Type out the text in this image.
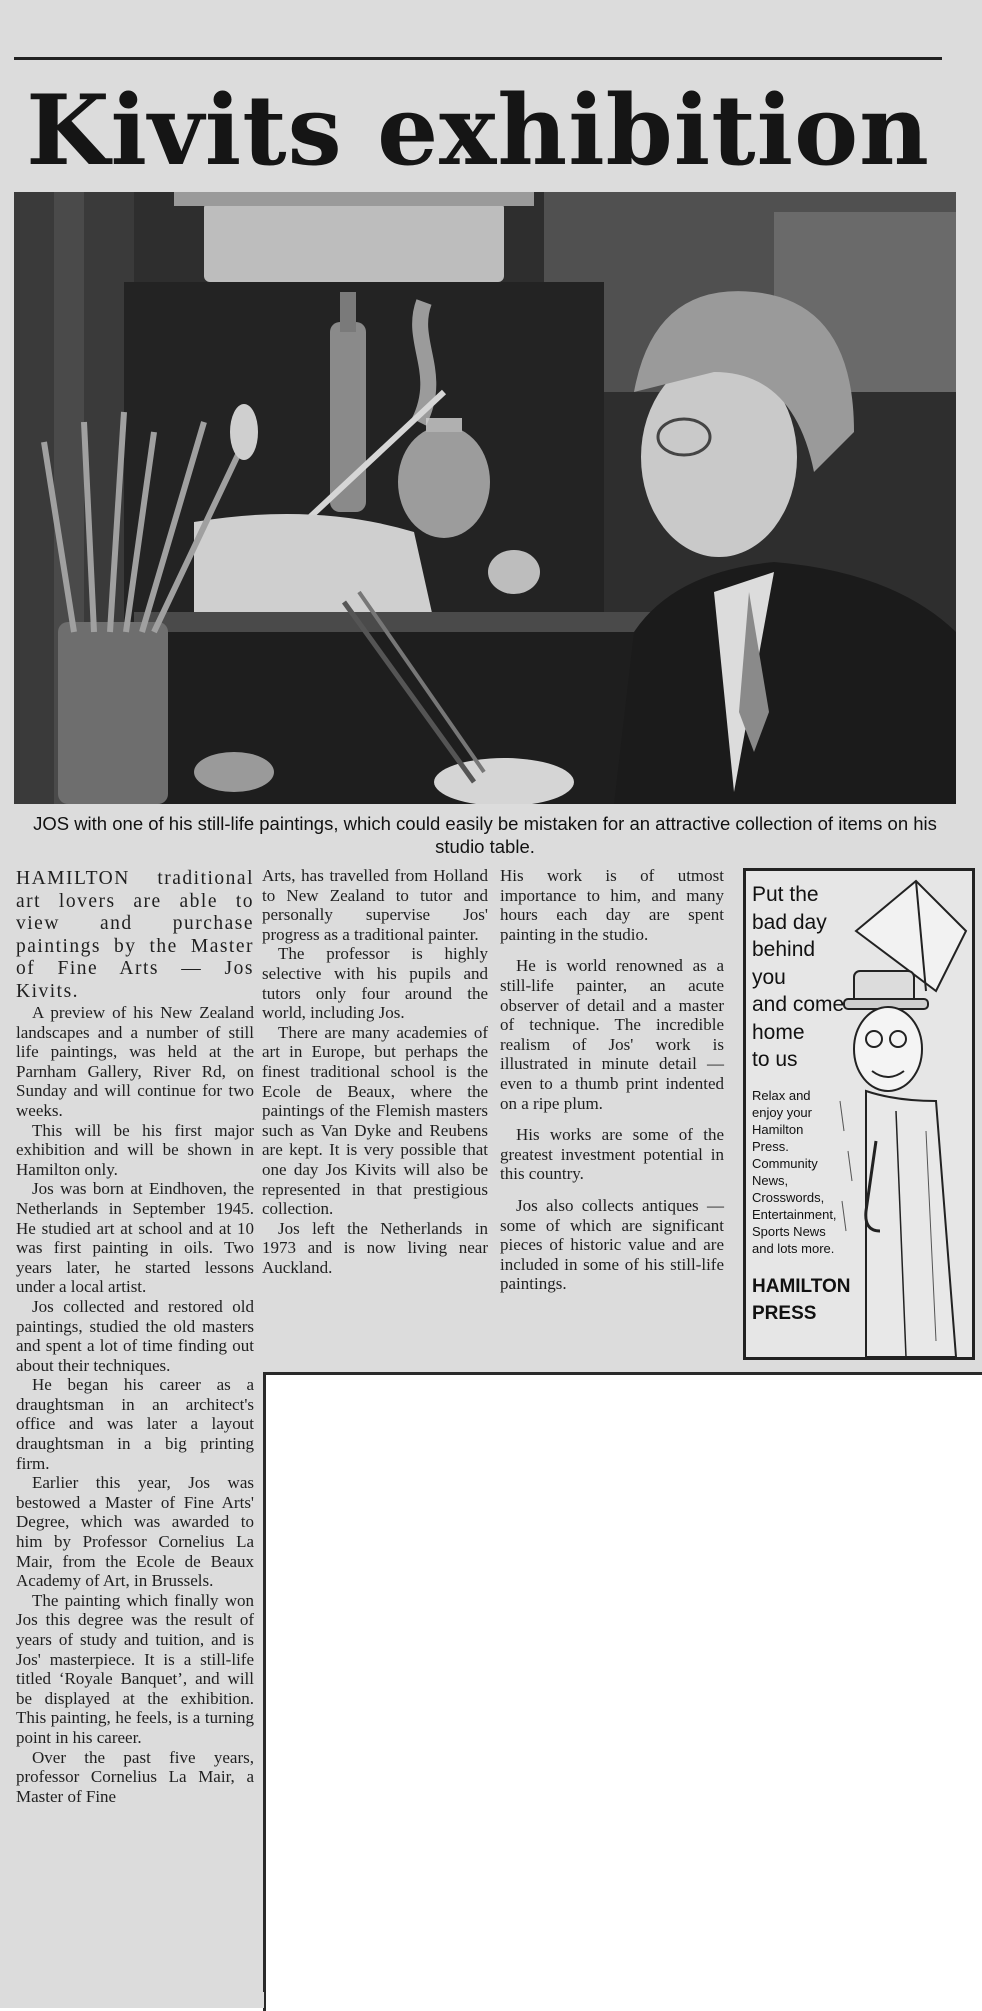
Kivits exhibition
JOS with one of his still-life paintings, which could easily be mistaken for an attractive collection of items on his studio table.

HAMILTON traditional art lovers are able to view and purchase paintings by the Master of Fine Arts — Jos Kivits.

A preview of his New Zealand landscapes and a number of still life paintings, was held at the Parnham Gallery, River Rd, on Sunday and will continue for two weeks.

This will be his first major exhibition and will be shown in Hamilton only.

Jos was born at Eindhoven, the Netherlands in September 1945. He studied art at school and at 10 was first painting in oils. Two years later, he started lessons under a local artist.

Jos collected and restored old paintings, studied the old masters and spent a lot of time finding out about their techniques.

He began his career as a draughtsman in an architect's office and was later a layout draughtsman in a big printing firm.

Earlier this year, Jos was bestowed a Master of Fine Arts' Degree, which was awarded to him by Professor Cornelius La Mair, from the Ecole de Beaux Academy of Art, in Brussels.

The painting which finally won Jos this degree was the result of years of study and tuition, and is Jos' masterpiece. It is a still-life titled ‘Royale Banquet’, and will be displayed at the exhibition. This painting, he feels, is a turning point in his career.

Over the past five years, professor Cornelius La Mair, a Master of Fine

Arts, has travelled from Holland to New Zealand to tutor and personally supervise Jos' progress as a traditional painter.

The professor is highly selective with his pupils and tutors only four around the world, including Jos.

There are many academies of art in Europe, but perhaps the finest traditional school is the Ecole de Beaux, where the paintings of the Flemish masters such as Van Dyke and Reubens are kept. It is very possible that one day Jos Kivits will also be represented in that prestigious collection.

Jos left the Netherlands in 1973 and is now living near Auckland.

His work is of utmost importance to him, and many hours each day are spent painting in the studio.

He is world renowned as a still-life painter, an acute observer of detail and a master of technique. The incredible realism of Jos' work is illustrated in minute detail — even to a thumb print indented on a ripe plum.

His works are some of the greatest investment potential in this country.

Jos also collects antiques — some of which are significant pieces of historic value and are included in some of his still-life paintings.

Put the
bad day
behind
you
and come
home
to us
Relax and
enjoy your
Hamilton
Press.
Community
News,
Crosswords,
Entertainment,
Sports News
and lots more.
HAMILTON
PRESS
